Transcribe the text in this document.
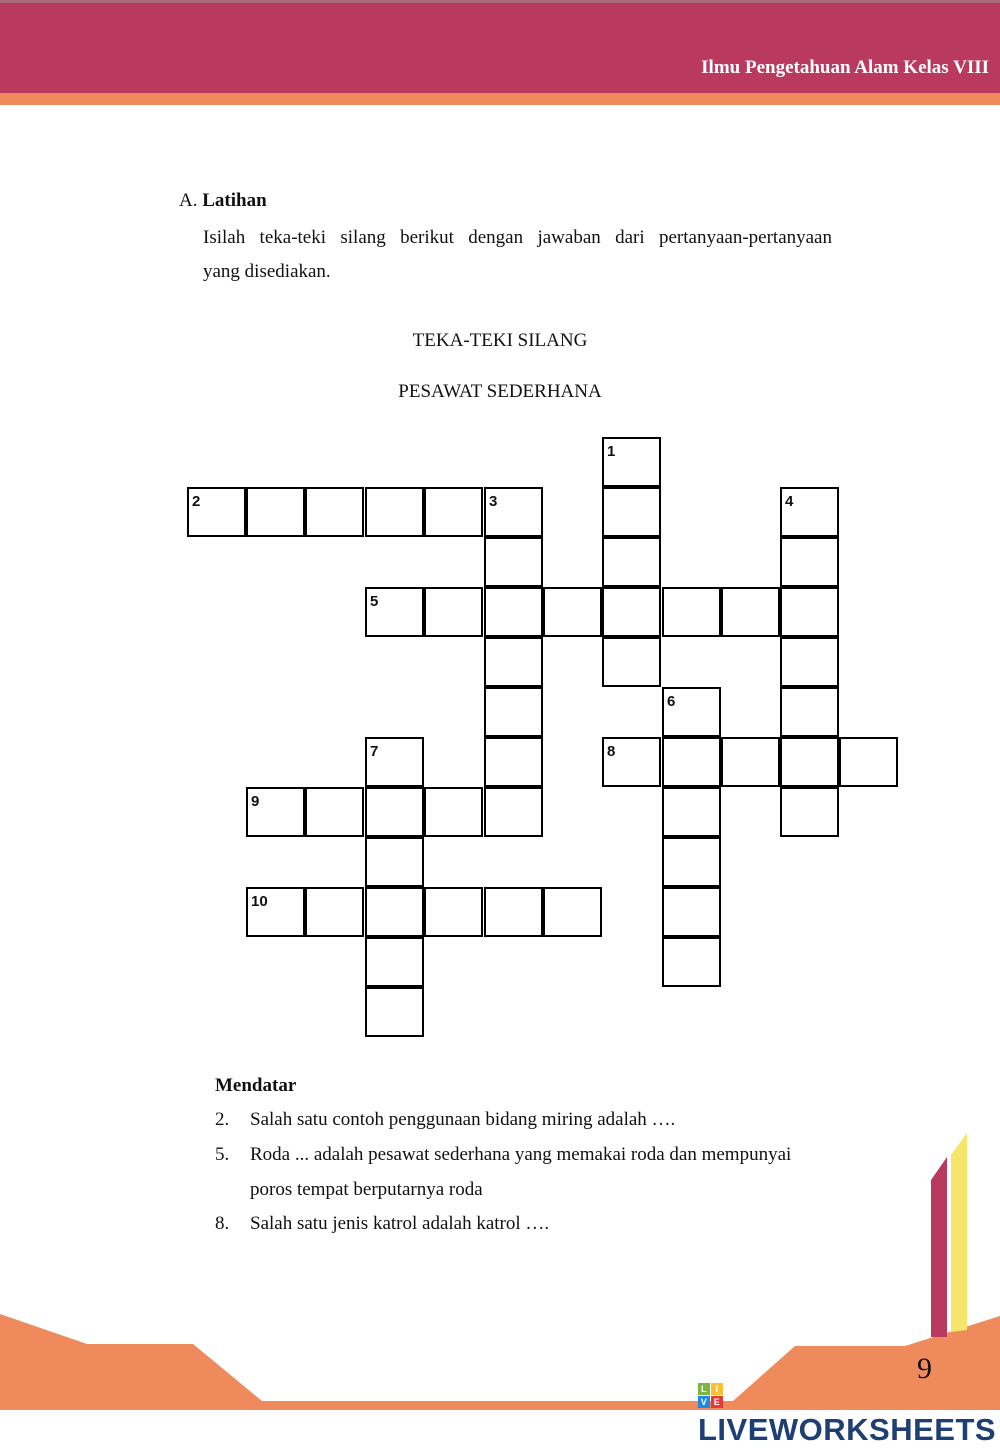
Ilmu Pengetahuan Alam Kelas VIII
A. Latihan
Isilah teka-teki silang berikut dengan jawaban dari pertanyaan-pertanyaan
yang disediakan.
TEKA-TEKI SILANG
PESAWAT SEDERHANA
1
2	3	4
5
6
7	8
9
10
Mendatar
2. Salah satu contoh penggunaan bidang miring adalah ….
5. Roda ... adalah pesawat sederhana yang memakai roda dan mempunyai
poros tempat berputarnya roda
8. Salah satu jenis katrol adalah katrol ….
9
L I
V E
LIVEWORKSHEETS
